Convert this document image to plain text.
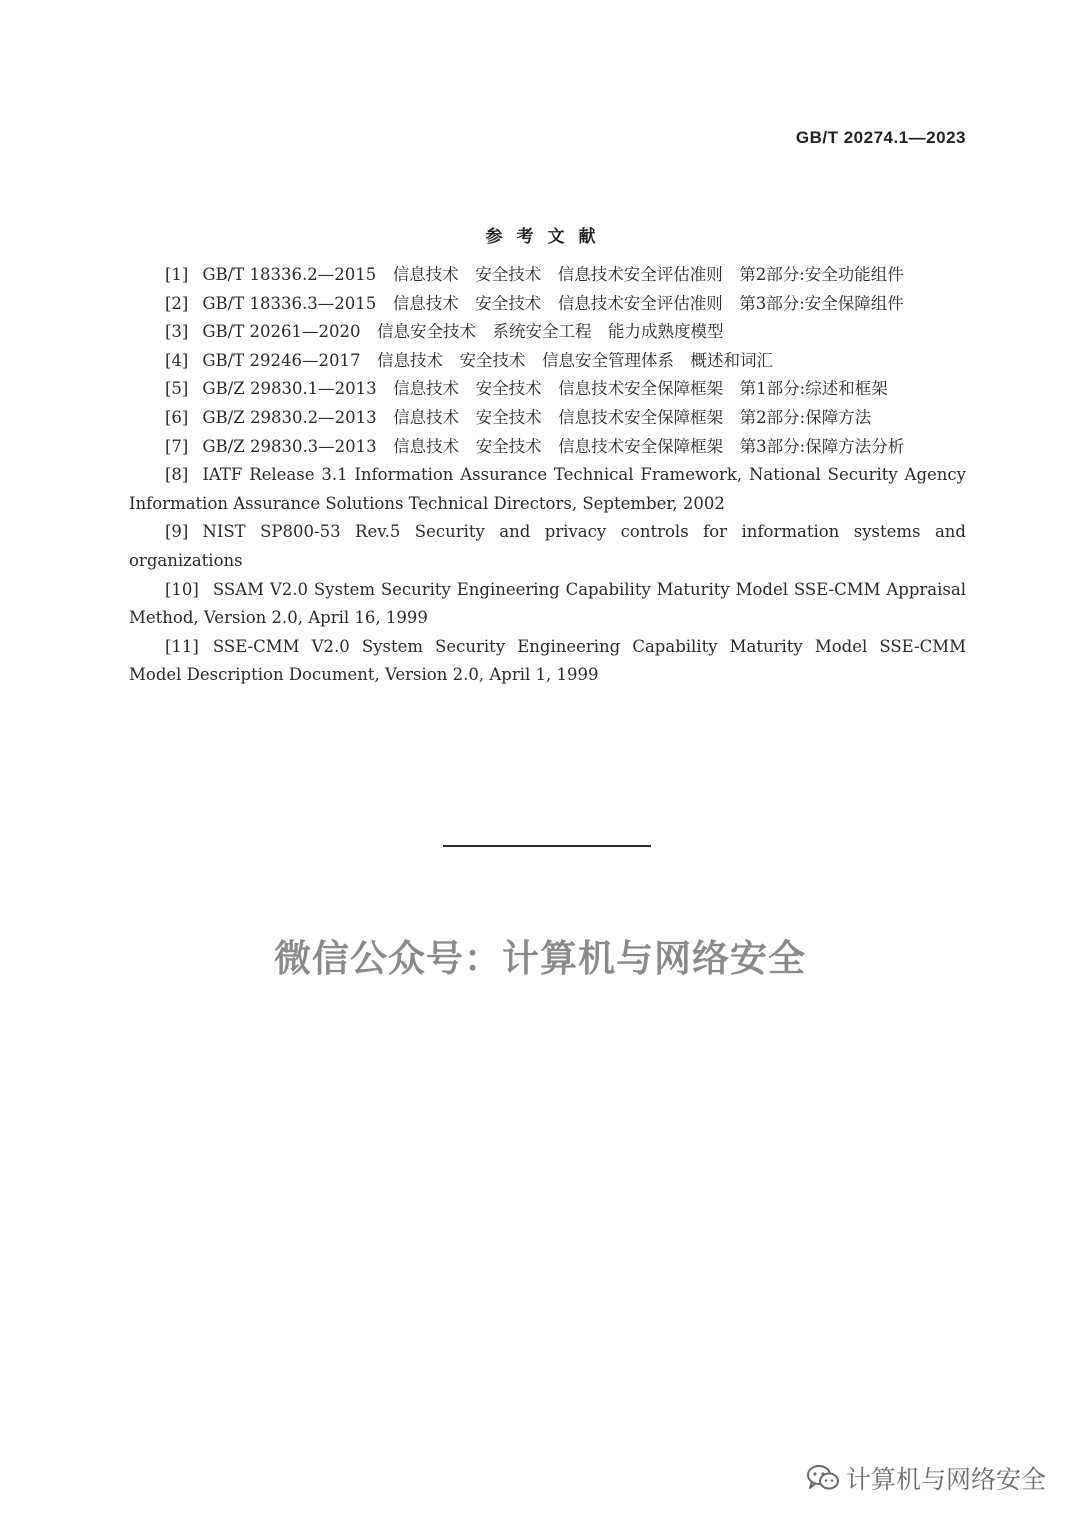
GB/T 20274.1—2023
参考文献
[1] GB/T 18336.2—2015　信息技术　安全技术　信息技术安全评估准则　第2部分:安全功能组件
[2] GB/T 18336.3—2015　信息技术　安全技术　信息技术安全评估准则　第3部分:安全保障组件
[3] GB/T 20261—2020　信息安全技术　系统安全工程　能力成熟度模型
[4] GB/T 29246—2017　信息技术　安全技术　信息安全管理体系　概述和词汇
[5] GB/Z 29830.1—2013　信息技术　安全技术　信息技术安全保障框架　第1部分:综述和框架
[6] GB/Z 29830.2—2013　信息技术　安全技术　信息技术安全保障框架　第2部分:保障方法
[7] GB/Z 29830.3—2013　信息技术　安全技术　信息技术安全保障框架　第3部分:保障方法分析
[8] IATF Release 3.1 Information Assurance Technical Framework, National Security Agency Information Assurance Solutions Technical Directors, September, 2002
[9] NIST SP800-53 Rev.5 Security and privacy controls for information systems and organizations
[10] SSAM V2.0 System Security Engineering Capability Maturity Model SSE-CMM Appraisal Method, Version 2.0, April 16, 1999
[11] SSE-CMM V2.0 System Security Engineering Capability Maturity Model SSE-CMM Model Description Document, Version 2.0, April 1, 1999
微信公众号：计算机与网络安全
计算机与网络安全
